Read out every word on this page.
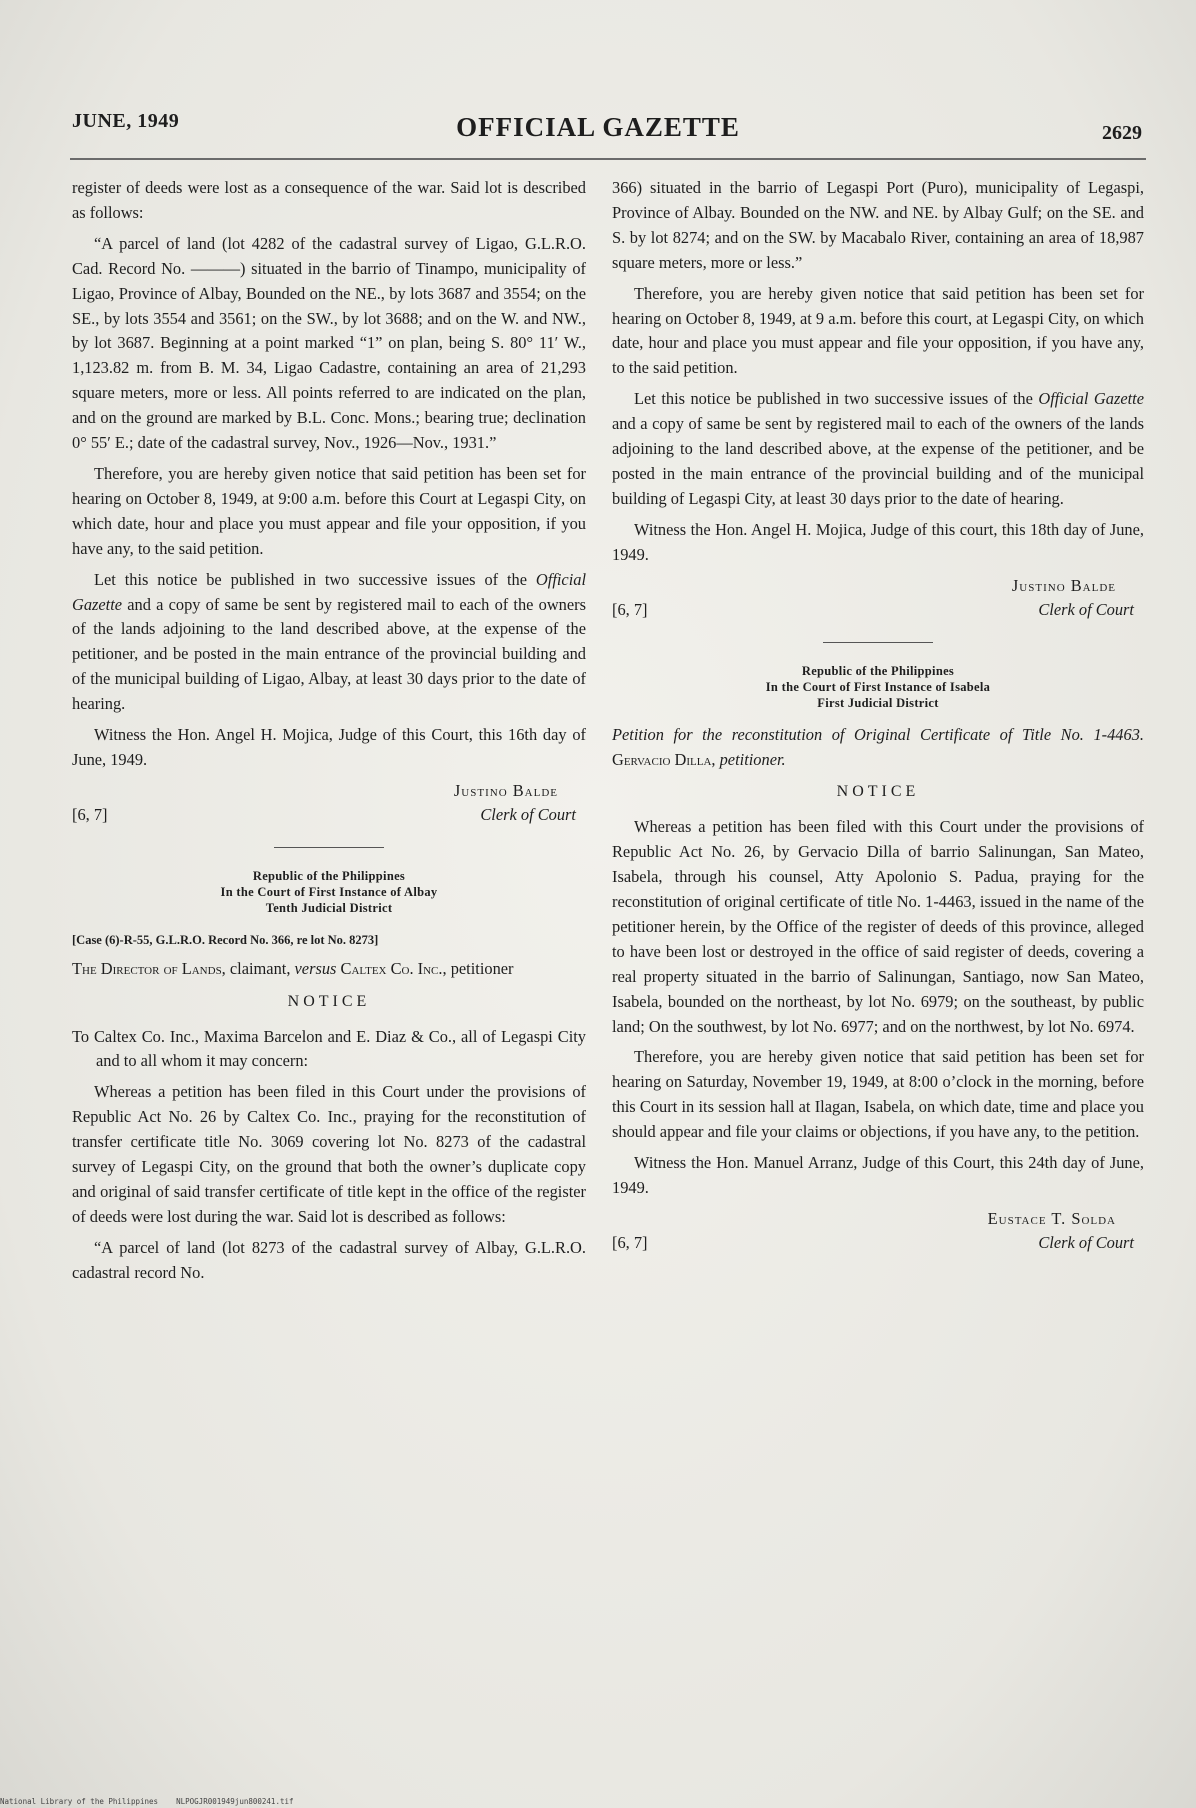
JUNE, 1949	OFFICIAL GAZETTE	2629

register of deeds were lost as a consequence of the war. Said lot is described as follows:

“A parcel of land (lot 4282 of the cadastral survey of Ligao, G.L.R.O. Cad. Record No. ———) situated in the barrio of Tinampo, municipality of Ligao, Province of Albay, Bounded on the NE., by lots 3687 and 3554; on the SE., by lots 3554 and 3561; on the SW., by lot 3688; and on the W. and NW., by lot 3687. Beginning at a point marked “1” on plan, being S. 80° 11′ W., 1,123.82 m. from B. M. 34, Ligao Cadastre, containing an area of 21,293 square meters, more or less. All points referred to are indicated on the plan, and on the ground are marked by B.L. Conc. Mons.; bearing true; declination 0° 55′ E.; date of the cadastral survey, Nov., 1926—Nov., 1931.”

Therefore, you are hereby given notice that said petition has been set for hearing on October 8, 1949, at 9:00 a.m. before this Court at Legaspi City, on which date, hour and place you must appear and file your opposition, if you have any, to the said petition.

Let this notice be published in two successive issues of the Official Gazette and a copy of same be sent by registered mail to each of the owners of the lands adjoining to the land described above, at the expense of the petitioner, and be posted in the main entrance of the provincial building and of the municipal building of Ligao, Albay, at least 30 days prior to the date of hearing.

Witness the Hon. Angel H. Mojica, Judge of this Court, this 16th day of June, 1949.

Justino Balde
Clerk of Court
[6, 7]
Republic of the Philippines
In the Court of First Instance of Albay
Tenth Judicial District

[Case (6)-R-55, G.L.R.O. Record No. 366, re lot No. 8273]

The Director of Lands, claimant, versus Caltex Co. Inc., petitioner

NOTICE

To Caltex Co. Inc., Maxima Barcelon and E. Diaz & Co., all of Legaspi City and to all whom it may concern:

Whereas a petition has been filed in this Court under the provisions of Republic Act No. 26 by Caltex Co. Inc., praying for the reconstitution of transfer certificate title No. 3069 covering lot No. 8273 of the cadastral survey of Legaspi City, on the ground that both the owner’s duplicate copy and original of said transfer certificate of title kept in the office of the register of deeds were lost during the war. Said lot is described as follows:

“A parcel of land (lot 8273 of the cadastral survey of Albay, G.L.R.O. cadastral record No.

366) situated in the barrio of Legaspi Port (Puro), municipality of Legaspi, Province of Albay. Bounded on the NW. and NE. by Albay Gulf; on the SE. and S. by lot 8274; and on the SW. by Macabalo River, containing an area of 18,987 square meters, more or less.”

Therefore, you are hereby given notice that said petition has been set for hearing on October 8, 1949, at 9 a.m. before this court, at Legaspi City, on which date, hour and place you must appear and file your opposition, if you have any, to the said petition.

Let this notice be published in two successive issues of the Official Gazette and a copy of same be sent by registered mail to each of the owners of the lands adjoining to the land described above, at the expense of the petitioner, and be posted in the main entrance of the provincial building and of the municipal building of Legaspi City, at least 30 days prior to the date of hearing.

Witness the Hon. Angel H. Mojica, Judge of this court, this 18th day of June, 1949.

Justino Balde
Clerk of Court
[6, 7]
Republic of the Philippines
In the Court of First Instance of Isabela
First Judicial District

Petition for the reconstitution of Original Certificate of Title No. 1-4463. Gervacio Dilla, petitioner.

NOTICE

Whereas a petition has been filed with this Court under the provisions of Republic Act No. 26, by Gervacio Dilla of barrio Salinungan, San Mateo, Isabela, through his counsel, Atty Apolonio S. Padua, praying for the reconstitution of original certificate of title No. 1-4463, issued in the name of the petitioner herein, by the Office of the register of deeds of this province, alleged to have been lost or destroyed in the office of said register of deeds, covering a real property situated in the barrio of Salinungan, Santiago, now San Mateo, Isabela, bounded on the northeast, by lot No. 6979; on the southeast, by public land; On the southwest, by lot No. 6977; and on the northwest, by lot No. 6974.

Therefore, you are hereby given notice that said petition has been set for hearing on Saturday, November 19, 1949, at 8:00 o’clock in the morning, before this Court in its session hall at Ilagan, Isabela, on which date, time and place you should appear and file your claims or objections, if you have any, to the petition.

Witness the Hon. Manuel Arranz, Judge of this Court, this 24th day of June, 1949.

Eustace T. Solda
Clerk of Court
[6, 7]
National Library of the Philippines NLPOGJR001949jun800241.tif
